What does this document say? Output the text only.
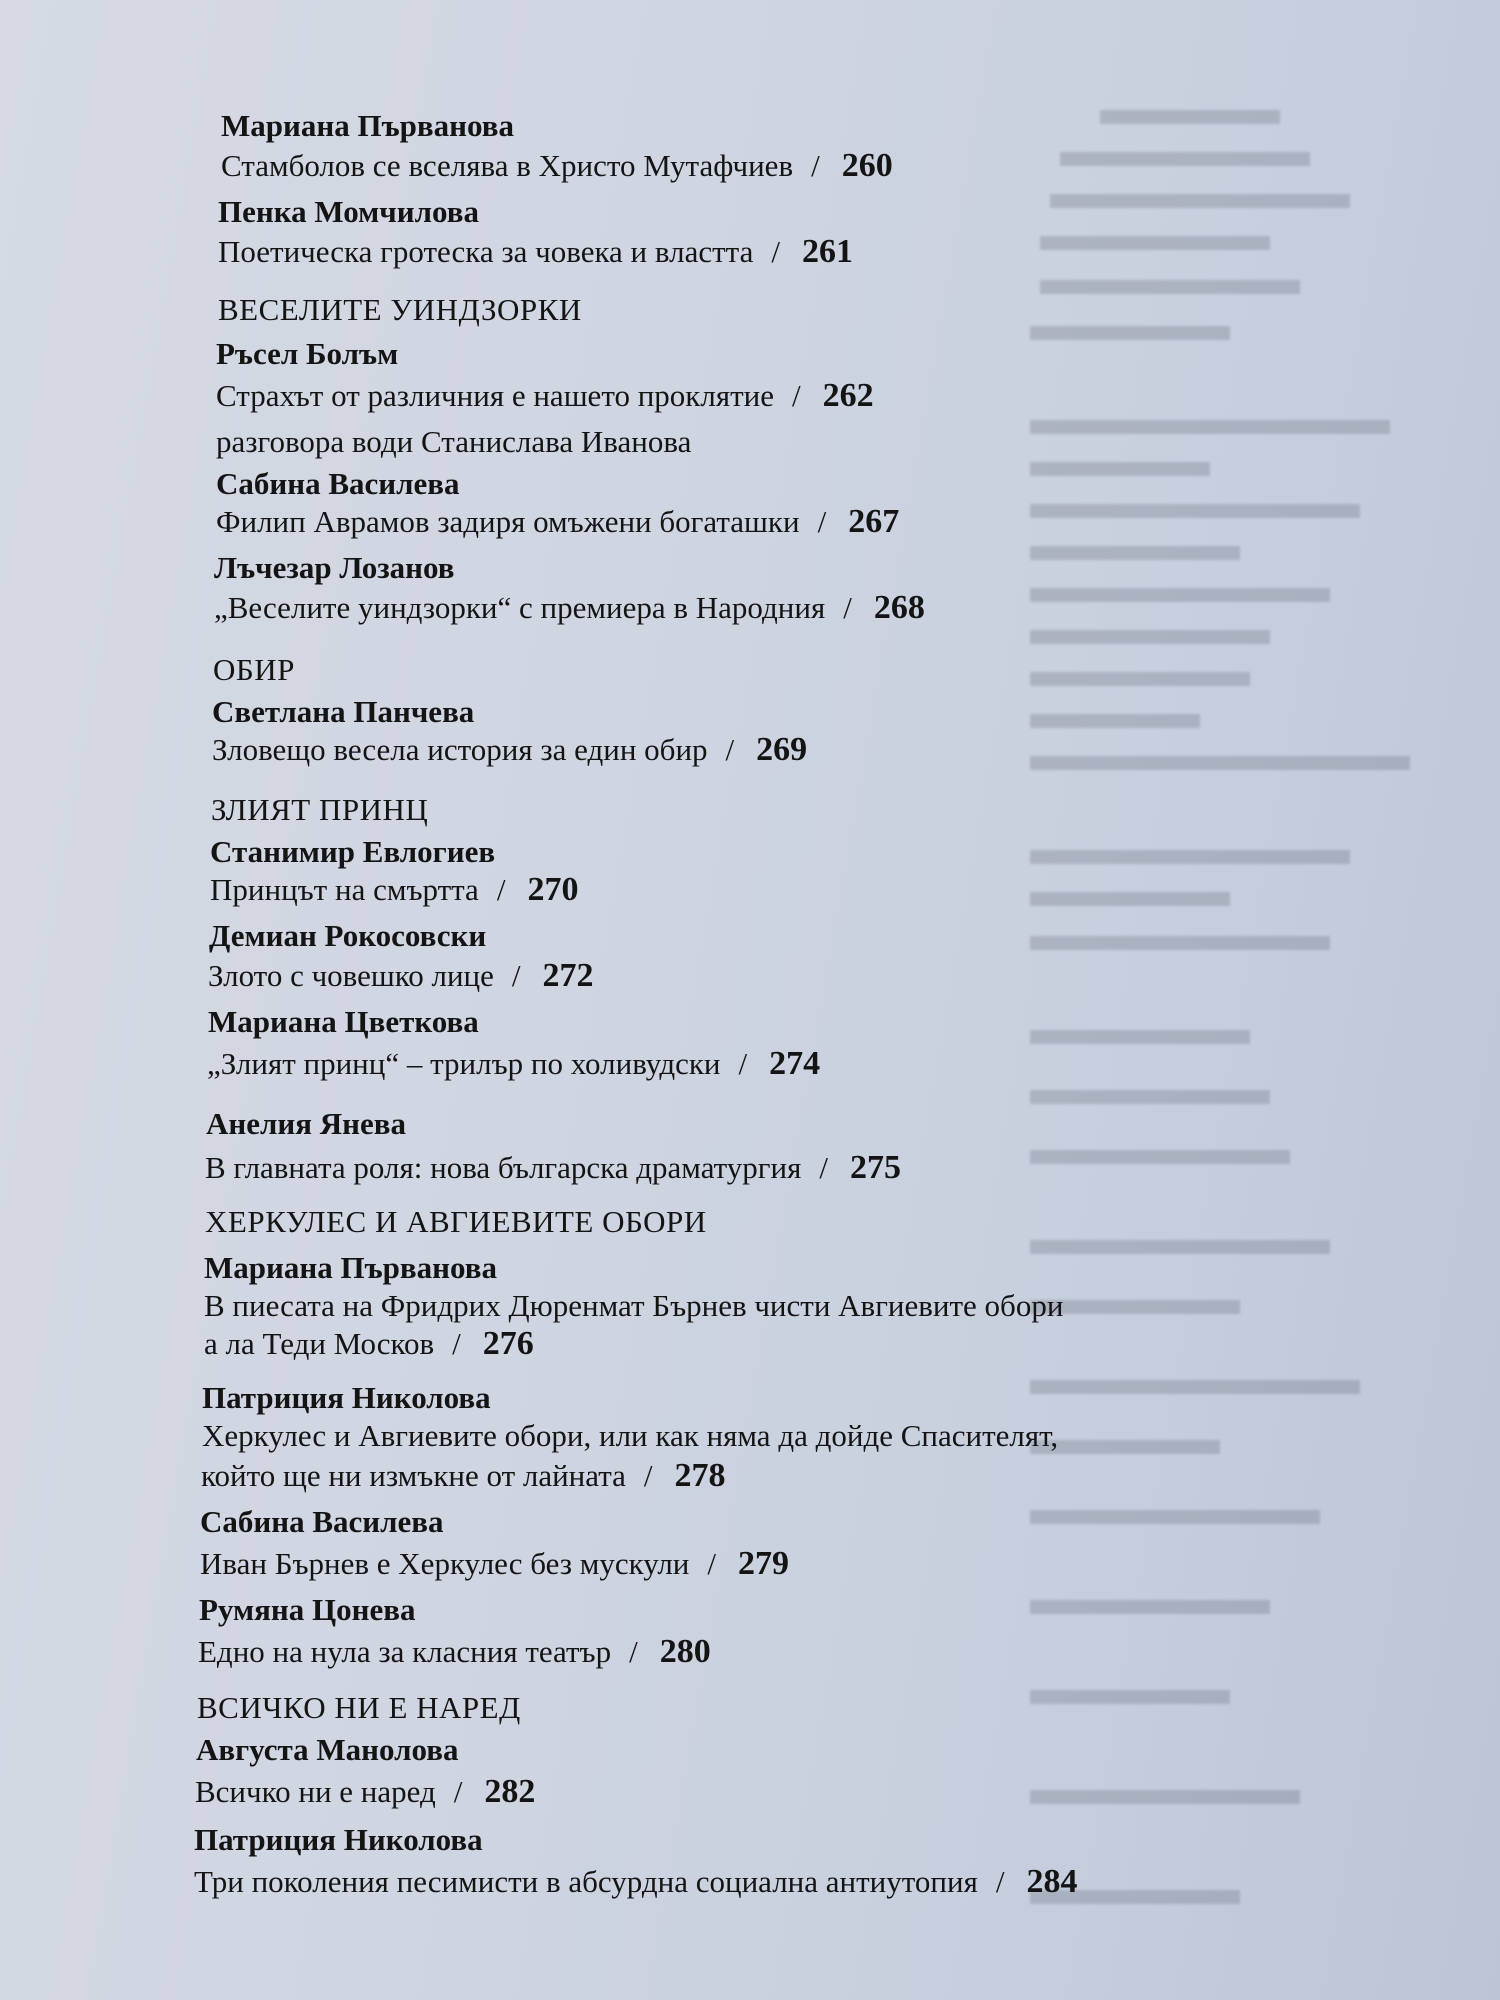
Мариана Първанова
Стамболов се вселява в Христо Мутафчиев / 260
Пенка Момчилова
Поетическа гротеска за човека и властта / 261
ВЕСЕЛИТЕ УИНДЗОРКИ
Ръсел Болъм
Страхът от различния е нашето проклятие / 262
разговора води Станислава Иванова
Сабина Василева
Филип Аврамов задиря омъжени богаташки / 267
Лъчезар Лозанов
„Веселите уиндзорки“ с премиера в Народния / 268
ОБИР
Светлана Панчева
Зловещо весела история за един обир / 269
ЗЛИЯТ ПРИНЦ
Станимир Евлогиев
Принцът на смъртта / 270
Демиан Рокосовски
Злото с човешко лице / 272
Мариана Цветкова
„Злият принц“ – трилър по холивудски / 274
Анелия Янева
В главната роля: нова българска драматургия / 275
ХЕРКУЛЕС И АВГИЕВИТЕ ОБОРИ
Мариана Първанова
В пиесата на Фридрих Дюренмат Бърнев чисти Авгиевите обори
а ла Теди Москов / 276
Патриция Николова
Херкулес и Авгиевите обори, или как няма да дойде Спасителят,
който ще ни измъкне от лайната / 278
Сабина Василева
Иван Бърнев е Херкулес без мускули / 279
Румяна Цонева
Едно на нула за класния театър / 280
ВСИЧКО НИ Е НАРЕД
Августа Манолова
Всичко ни е наред / 282
Патриция Николова
Три поколения песимисти в абсурдна социална антиутопия / 284
